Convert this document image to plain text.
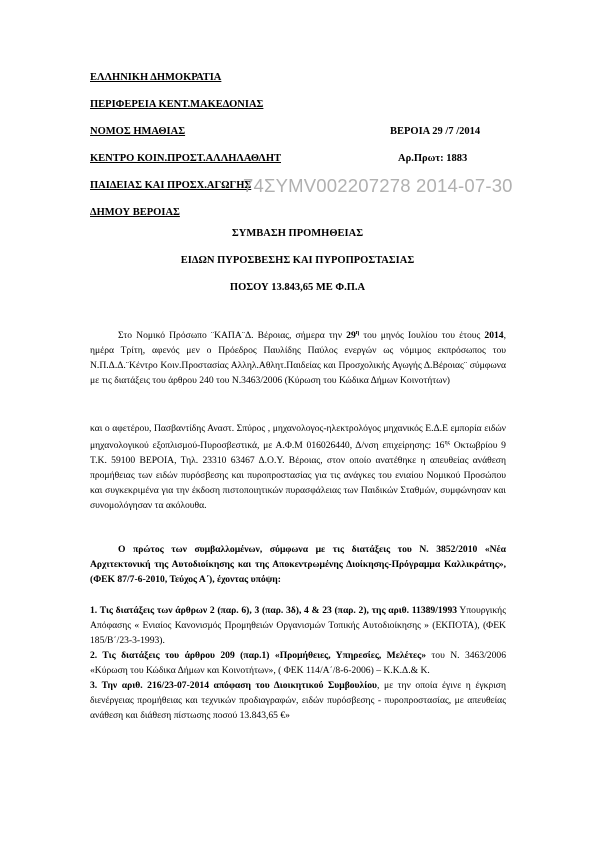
ΕΛΛΗΝΙΚΗ ΔΗΜΟΚΡΑΤΙΑ
ΠΕΡΙΦΕΡΕΙΑ ΚΕΝΤ.ΜΑΚΕΔΟΝΙΑΣ
ΝΟΜΟΣ ΗΜΑΘΙΑΣ	ΒΕΡΟΙΑ 29 /7 /2014
ΚΕΝΤΡΟ ΚΟΙΝ.ΠΡΟΣΤ.ΑΛΛΗΛΑΘΛΗΤ	Αρ.Πρωτ: 1883
ΠΑΙΔΕΙΑΣ ΚΑΙ ΠΡΟΣΧ.ΑΓΩΓΗΣ
ΔΗΜΟΥ ΒΕΡΟΙΑΣ
74ΣΥΜV002207278 2014-07-30
ΣΥΜΒΑΣΗ ΠΡΟΜΗΘΕΙΑΣ
ΕΙΔΩΝ ΠΥΡΟΣΒΕΣΗΣ ΚΑΙ ΠΥΡΟΠΡΟΣΤΑΣΙΑΣ
ΠΟΣΟΥ 13.843,65 ΜΕ Φ.Π.Α

Στο Νομικό Πρόσωπο ¨ΚΑΠΑ¨Δ. Βέροιας, σήμερα την $29^\eta$ του μηνός Ιουλίου του έτους 2014, ημέρα Τρίτη, αφενός μεν ο Πρόεδρος Παυλίδης Παύλος ενεργών ως νόμιμος εκπρόσωπος του Ν.Π.Δ.Δ.¨Κέντρο Κοιν.Προστασίας Αλληλ.Αθλητ.Παιδείας και Προσχολικής Αγωγής Δ.Βέροιας¨ σύμφωνα με τις διατάξεις του άρθρου 240 του Ν.3463/2006 (Κύρωση του Κώδικα Δήμων Κοινοτήτων)

και ο αφετέρου, Πασβαντίδης Αναστ. Σπύρος , μηχανολογος-ηλεκτρολόγος μηχανικός Ε.Δ.Ε εμπορία ειδών μηχανολογικού εξοπλισμού-Πυροσβεστικά, με Α.Φ.Μ 016026440, Δ/νση επιχείρησης: $16^{\eta\varsigma}$ Οκτωβρίου 9 Τ.Κ. 59100 ΒΕΡΟΙΑ, Τηλ. 23310 63467 Δ.Ο.Υ. Βέροιας, στον οποίο ανατέθηκε η απευθείας ανάθεση προμήθειας των ειδών πυρόσβεσης και πυροπροστασίας για τις ανάγκες του ενιαίου Νομικού Προσώπου και συγκεκριμένα για την έκδοση πιστοποιητικών πυρασφάλειας των Παιδικών Σταθμών, συμφώνησαν και συνομολόγησαν τα ακόλουθα.

Ο πρώτος των συμβαλλομένων, σύμφωνα με τις διατάξεις του Ν. 3852/2010 «Νέα Αρχιτεκτονική της Αυτοδιοίκησης και της Αποκεντρωμένης Διοίκησης-Πρόγραμμα Καλλικράτης», (ΦΕΚ 87/7-6-2010, Τεύχος Α΄), έχοντας υπόψη:

1. Τις διατάξεις των άρθρων 2 (παρ. 6), 3 (παρ. 3δ), 4 & 23 (παρ. 2), της αριθ. 11389/1993 Υπουργικής Απόφασης « Ενιαίος Κανονισμός Προμηθειών Οργανισμών Τοπικής Αυτοδιοίκησης » (ΕΚΠΟΤΑ), (ΦΕΚ 185/Β΄/23-3-1993).

2. Τις διατάξεις του άρθρου 209 (παρ.1) «Προμήθειες, Υπηρεσίες, Μελέτες» του Ν. 3463/2006 «Κύρωση του Κώδικα Δήμων και Κοινοτήτων», ( ΦΕΚ 114/Α΄/8-6-2006) – Κ.Κ.Δ.& Κ.

3. Την αριθ. 216/23-07-2014 απόφαση του Διοικητικού Συμβουλίου, με την οποία έγινε η έγκριση διενέργειας προμήθειας και τεχνικών προδιαγραφών, ειδών πυρόσβεσης - πυροπροστασίας, με απευθείας ανάθεση και διάθεση πίστωσης ποσού 13.843,65 €»
